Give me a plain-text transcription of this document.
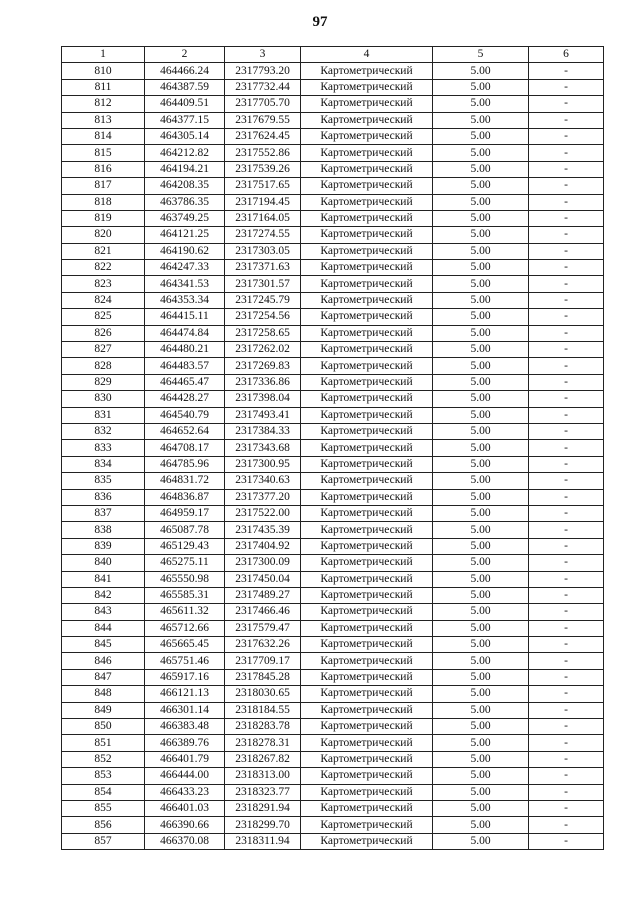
97
1	2	3	4	5	6
810	464466.24	2317793.20	Картометрический	5.00	-
811	464387.59	2317732.44	Картометрический	5.00	-
812	464409.51	2317705.70	Картометрический	5.00	-
813	464377.15	2317679.55	Картометрический	5.00	-
814	464305.14	2317624.45	Картометрический	5.00	-
815	464212.82	2317552.86	Картометрический	5.00	-
816	464194.21	2317539.26	Картометрический	5.00	-
817	464208.35	2317517.65	Картометрический	5.00	-
818	463786.35	2317194.45	Картометрический	5.00	-
819	463749.25	2317164.05	Картометрический	5.00	-
820	464121.25	2317274.55	Картометрический	5.00	-
821	464190.62	2317303.05	Картометрический	5.00	-
822	464247.33	2317371.63	Картометрический	5.00	-
823	464341.53	2317301.57	Картометрический	5.00	-
824	464353.34	2317245.79	Картометрический	5.00	-
825	464415.11	2317254.56	Картометрический	5.00	-
826	464474.84	2317258.65	Картометрический	5.00	-
827	464480.21	2317262.02	Картометрический	5.00	-
828	464483.57	2317269.83	Картометрический	5.00	-
829	464465.47	2317336.86	Картометрический	5.00	-
830	464428.27	2317398.04	Картометрический	5.00	-
831	464540.79	2317493.41	Картометрический	5.00	-
832	464652.64	2317384.33	Картометрический	5.00	-
833	464708.17	2317343.68	Картометрический	5.00	-
834	464785.96	2317300.95	Картометрический	5.00	-
835	464831.72	2317340.63	Картометрический	5.00	-
836	464836.87	2317377.20	Картометрический	5.00	-
837	464959.17	2317522.00	Картометрический	5.00	-
838	465087.78	2317435.39	Картометрический	5.00	-
839	465129.43	2317404.92	Картометрический	5.00	-
840	465275.11	2317300.09	Картометрический	5.00	-
841	465550.98	2317450.04	Картометрический	5.00	-
842	465585.31	2317489.27	Картометрический	5.00	-
843	465611.32	2317466.46	Картометрический	5.00	-
844	465712.66	2317579.47	Картометрический	5.00	-
845	465665.45	2317632.26	Картометрический	5.00	-
846	465751.46	2317709.17	Картометрический	5.00	-
847	465917.16	2317845.28	Картометрический	5.00	-
848	466121.13	2318030.65	Картометрический	5.00	-
849	466301.14	2318184.55	Картометрический	5.00	-
850	466383.48	2318283.78	Картометрический	5.00	-
851	466389.76	2318278.31	Картометрический	5.00	-
852	466401.79	2318267.82	Картометрический	5.00	-
853	466444.00	2318313.00	Картометрический	5.00	-
854	466433.23	2318323.77	Картометрический	5.00	-
855	466401.03	2318291.94	Картометрический	5.00	-
856	466390.66	2318299.70	Картометрический	5.00	-
857	466370.08	2318311.94	Картометрический	5.00	-
